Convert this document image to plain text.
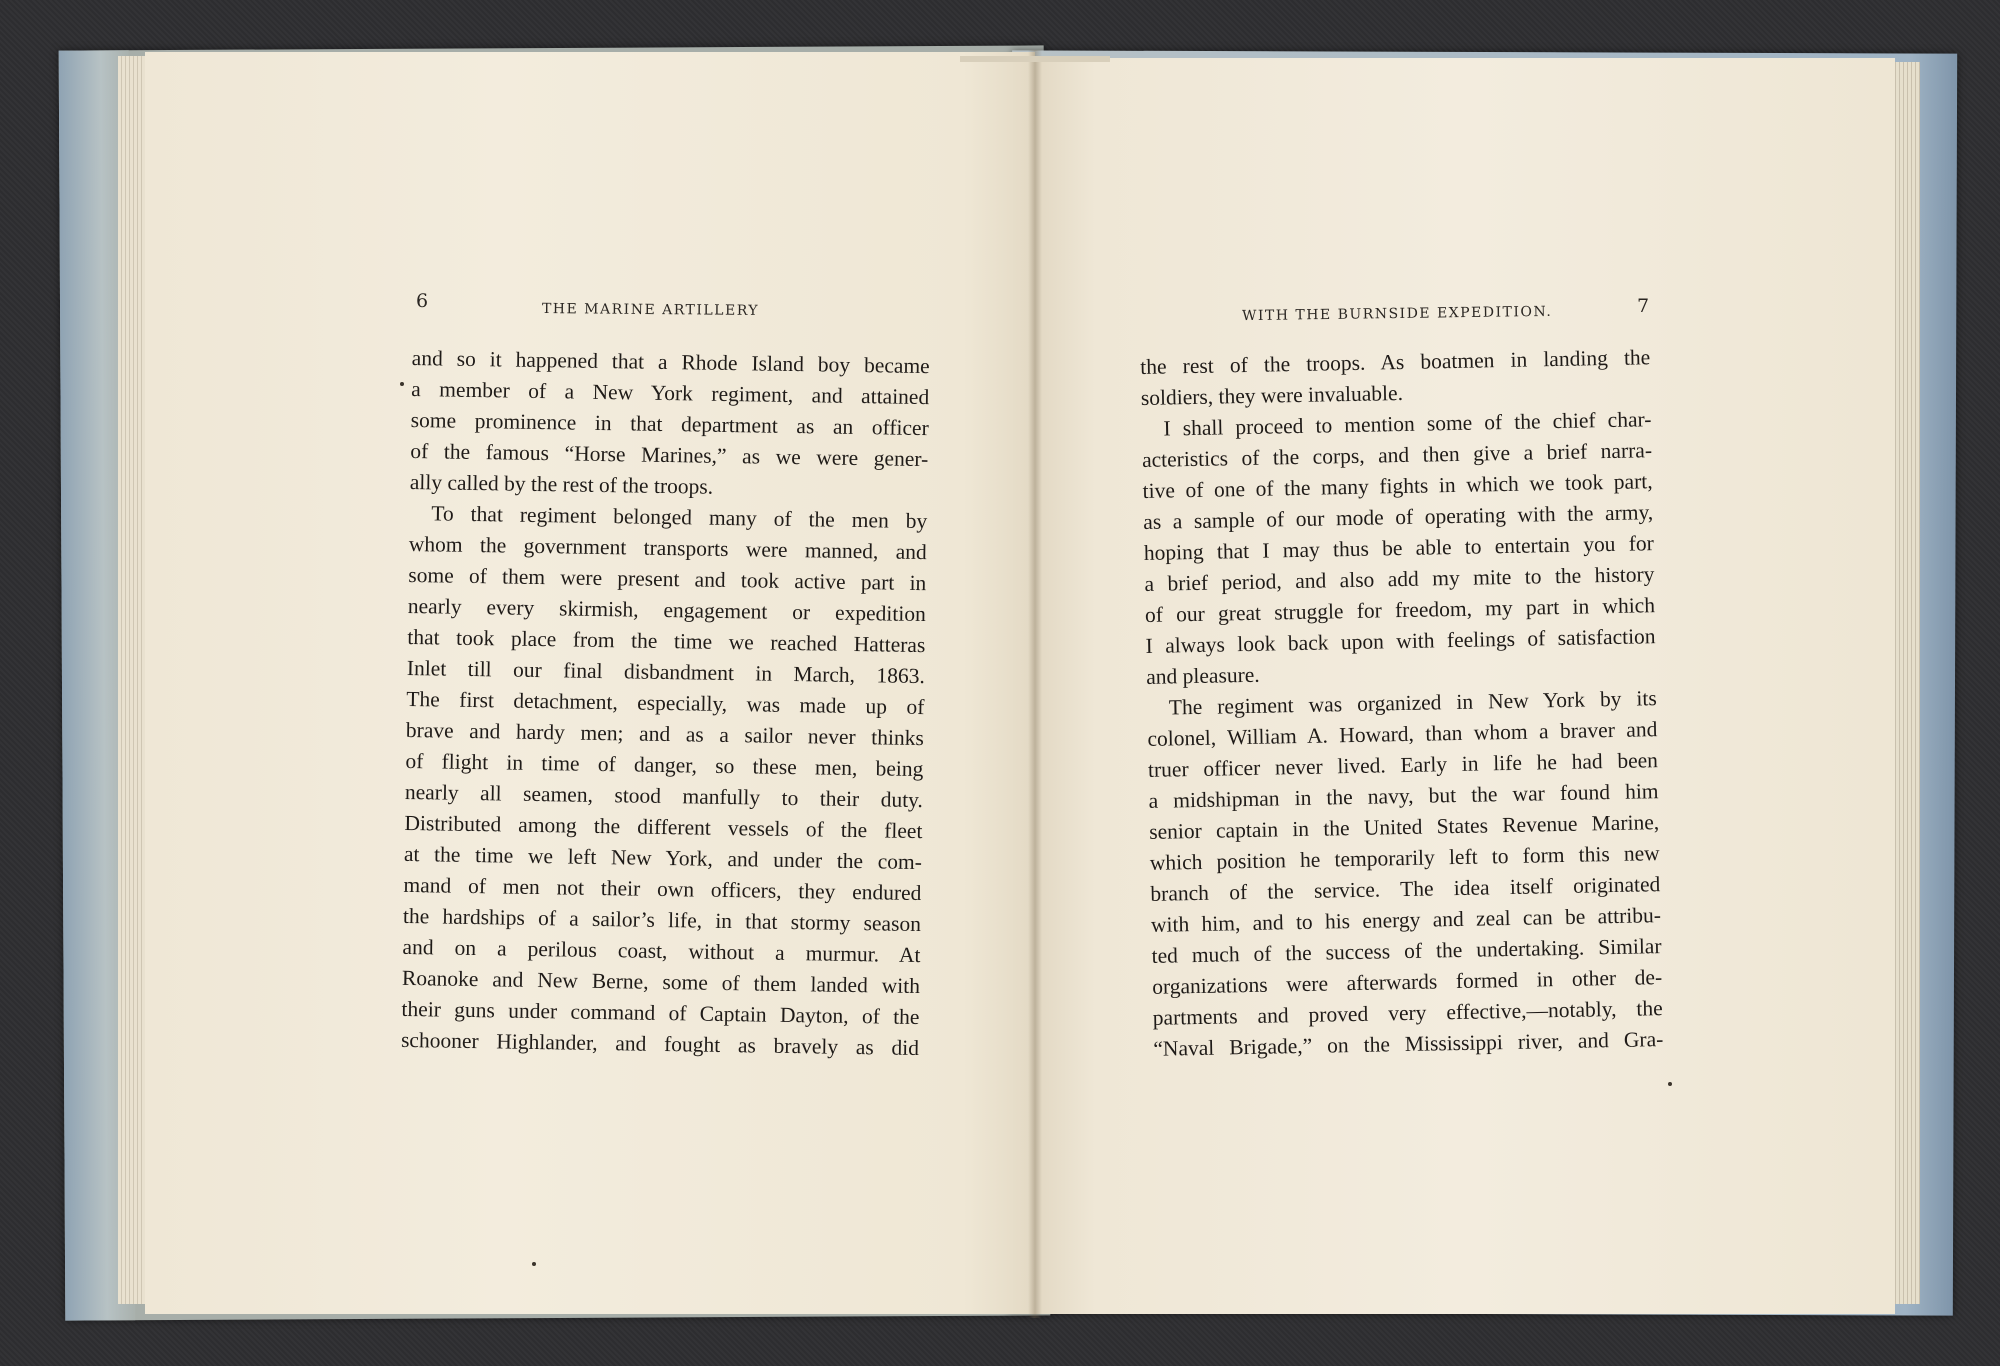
6	THE MARINE ARTILLERY	7
WITH THE BURNSIDE EXPEDITION.
and so it happened that a Rhode Island boy became
a member of a New York regiment, and attained
some prominence in that department as an officer
of the famous “Horse Marines,” as we were gener-
ally called by the rest of the troops.
To that regiment belonged many of the men by
whom the government transports were manned, and
some of them were present and took active part in
nearly every skirmish, engagement or expedition
that took place from the time we reached Hatteras
Inlet till our final disbandment in March, 1863.
The first detachment, especially, was made up of
brave and hardy men; and as a sailor never thinks
of flight in time of danger, so these men, being
nearly all seamen, stood manfully to their duty.
Distributed among the different vessels of the fleet
at the time we left New York, and under the com-
mand of men not their own officers, they endured
the hardships of a sailor’s life, in that stormy season
and on a perilous coast, without a murmur. At
Roanoke and New Berne, some of them landed with
their guns under command of Captain Dayton, of the
schooner Highlander, and fought as bravely as did
the rest of the troops. As boatmen in landing the
soldiers, they were invaluable.
I shall proceed to mention some of the chief char-
acteristics of the corps, and then give a brief narra-
tive of one of the many fights in which we took part,
as a sample of our mode of operating with the army,
hoping that I may thus be able to entertain you for
a brief period, and also add my mite to the history
of our great struggle for freedom, my part in which
I always look back upon with feelings of satisfaction
and pleasure.
The regiment was organized in New York by its
colonel, William A. Howard, than whom a braver and
truer officer never lived. Early in life he had been
a midshipman in the navy, but the war found him
senior captain in the United States Revenue Marine,
which position he temporarily left to form this new
branch of the service. The idea itself originated
with him, and to his energy and zeal can be attribu-
ted much of the success of the undertaking. Similar
organizations were afterwards formed in other de-
partments and proved very effective,—notably, the
“Naval Brigade,” on the Mississippi river, and Gra-
